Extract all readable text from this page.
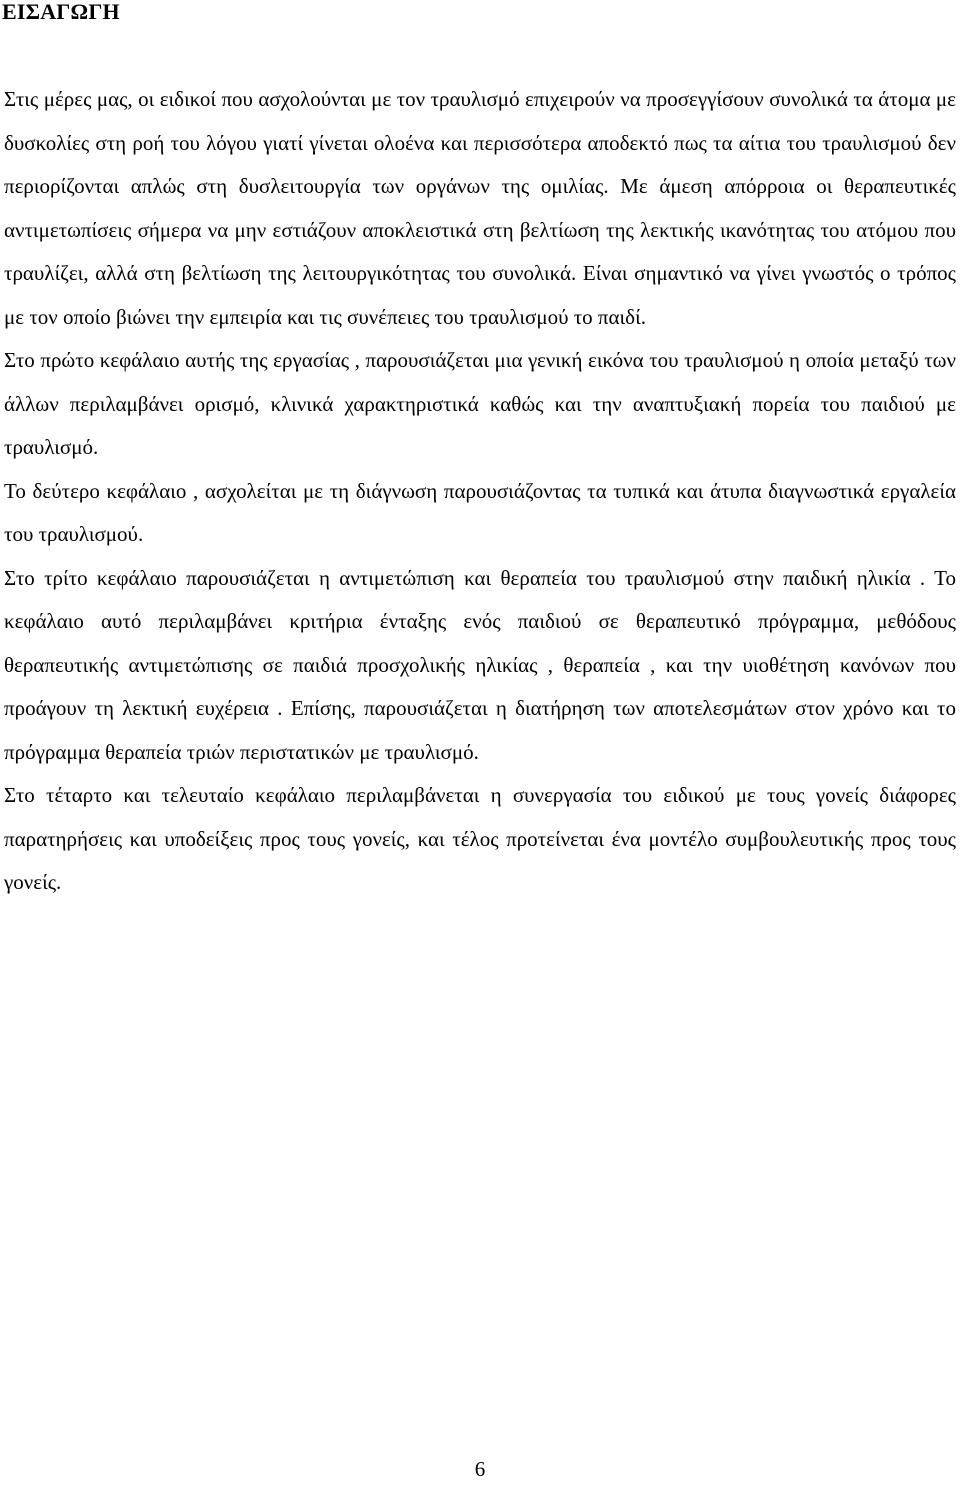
ΕΙΣΑΓΩΓΗ

Στις μέρες μας, οι ειδικοί που ασχολούνται με τον τραυλισμό επιχειρούν να προσεγγίσουν συνολικά τα άτομα με δυσκολίες στη ροή του λόγου γιατί γίνεται ολοένα και περισσότερα αποδεκτό πως τα αίτια του τραυλισμού δεν περιορίζονται απλώς στη δυσλειτουργία των οργάνων της ομιλίας. Με άμεση απόρροια οι θεραπευτικές αντιμετωπίσεις σήμερα να μην εστιάζουν αποκλειστικά στη βελτίωση της λεκτικής ικανότητας του ατόμου που τραυλίζει, αλλά στη βελτίωση της λειτουργικότητας του συνολικά. Είναι σημαντικό να γίνει γνωστός ο τρόπος με τον οποίο βιώνει την εμπειρία και τις συνέπειες του τραυλισμού το παιδί.

Στο πρώτο κεφάλαιο αυτής της εργασίας , παρουσιάζεται μια γενική εικόνα του τραυλισμού η οποία μεταξύ των άλλων περιλαμβάνει ορισμό, κλινικά χαρακτηριστικά καθώς και την αναπτυξιακή πορεία του παιδιού με τραυλισμό.

Το δεύτερο κεφάλαιο , ασχολείται με τη διάγνωση παρουσιάζοντας τα τυπικά και άτυπα διαγνωστικά εργαλεία του τραυλισμού.

Στο τρίτο κεφάλαιο παρουσιάζεται η αντιμετώπιση και θεραπεία του τραυλισμού στην παιδική ηλικία . Το κεφάλαιο αυτό περιλαμβάνει κριτήρια ένταξης ενός παιδιού σε θεραπευτικό πρόγραμμα, μεθόδους θεραπευτικής αντιμετώπισης σε παιδιά προσχολικής ηλικίας , θεραπεία , και την υιοθέτηση κανόνων που προάγουν τη λεκτική ευχέρεια . Επίσης, παρουσιάζεται η διατήρηση των αποτελεσμάτων στον χρόνο και το πρόγραμμα θεραπεία τριών περιστατικών με τραυλισμό.

Στο τέταρτο και τελευταίο κεφάλαιο περιλαμβάνεται η συνεργασία του ειδικού με τους γονείς διάφορες παρατηρήσεις και υποδείξεις προς τους γονείς, και τέλος προτείνεται ένα μοντέλο συμβουλευτικής προς τους γονείς.

6
